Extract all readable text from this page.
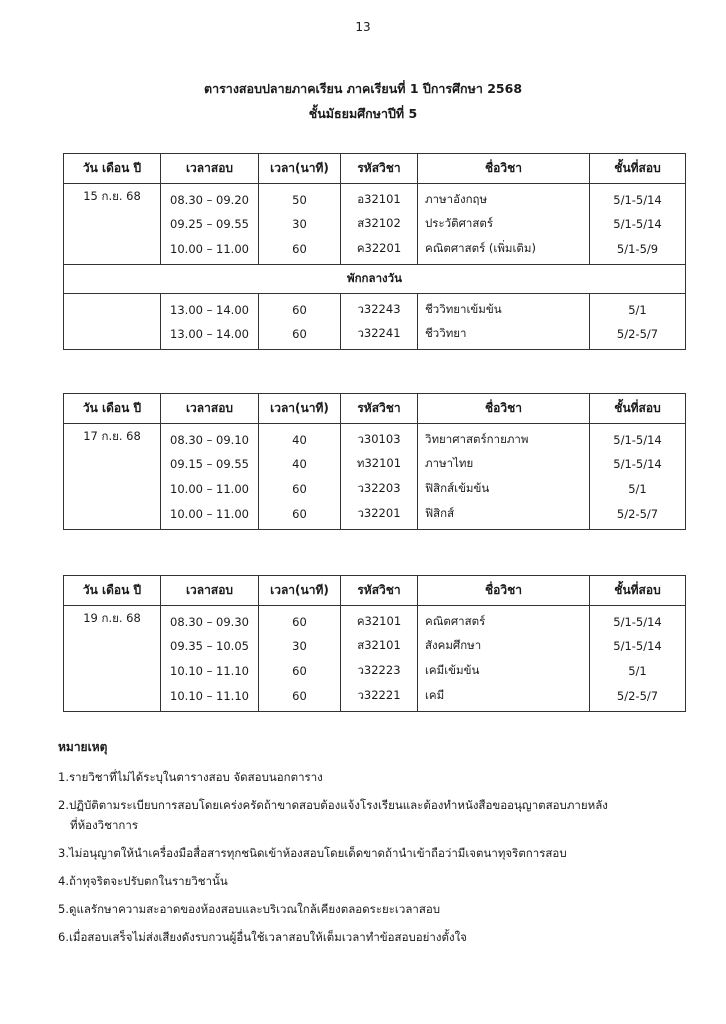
13
ตารางสอบปลายภาคเรียน ภาคเรียนที่ 1 ปีการศึกษา 2568
ชั้นมัธยมศึกษาปีที่ 5
วัน เดือน ปี	เวลาสอบ	เวลา(นาที)	รหัสวิชา	ชื่อวิชา	ชั้นที่สอบ
15 ก.ย. 68	08.30 – 09.20	50	อ32101	ภาษาอังกฤษ	5/1-5/14
	09.25 – 09.55	30	ส32102	ประวัติศาสตร์	5/1-5/14
	10.00 – 11.00	60	ค32201	คณิตศาสตร์ (เพิ่มเติม)	5/1-5/9
พักกลางวัน					
	13.00 – 14.00	60	ว32243	ชีววิทยาเข้มข้น	5/1
	13.00 – 14.00	60	ว32241	ชีววิทยา	5/2-5/7
วัน เดือน ปี	เวลาสอบ	เวลา(นาที)	รหัสวิชา	ชื่อวิชา	ชั้นที่สอบ
17 ก.ย. 68	08.30 – 09.10	40	ว30103	วิทยาศาสตร์กายภาพ	5/1-5/14
	09.15 – 09.55	40	ท32101	ภาษาไทย	5/1-5/14
	10.00 – 11.00	60	ว32203	ฟิสิกส์เข้มข้น	5/1
	10.00 – 11.00	60	ว32201	ฟิสิกส์	5/2-5/7
วัน เดือน ปี	เวลาสอบ	เวลา(นาที)	รหัสวิชา	ชื่อวิชา	ชั้นที่สอบ
19 ก.ย. 68	08.30 – 09.30	60	ค32101	คณิตศาสตร์	5/1-5/14
	09.35 – 10.05	30	ส32101	สังคมศึกษา	5/1-5/14
	10.10 – 11.10	60	ว32223	เคมีเข้มข้น	5/1
	10.10 – 11.10	60	ว32221	เคมี	5/2-5/7
หมายเหตุ
1.รายวิชาที่ไม่ได้ระบุในตารางสอบ จัดสอบนอกตาราง
2.ปฏิบัติตามระเบียบการสอบโดยเคร่งครัดถ้าขาดสอบต้องแจ้งโรงเรียนและต้องทำหนังสือขออนุญาตสอบภายหลัง
ที่ห้องวิชาการ
3.ไม่อนุญาตให้นำเครื่องมือสื่อสารทุกชนิดเข้าห้องสอบโดยเด็ดขาดถ้านำเข้าถือว่ามีเจตนาทุจริตการสอบ
4.ถ้าทุจริตจะปรับตกในรายวิชานั้น
5.ดูแลรักษาความสะอาดของห้องสอบและบริเวณใกล้เคียงตลอดระยะเวลาสอบ
6.เมื่อสอบเสร็จไม่ส่งเสียงดังรบกวนผู้อื่นใช้เวลาสอบให้เต็มเวลาทำข้อสอบอย่างตั้งใจ
